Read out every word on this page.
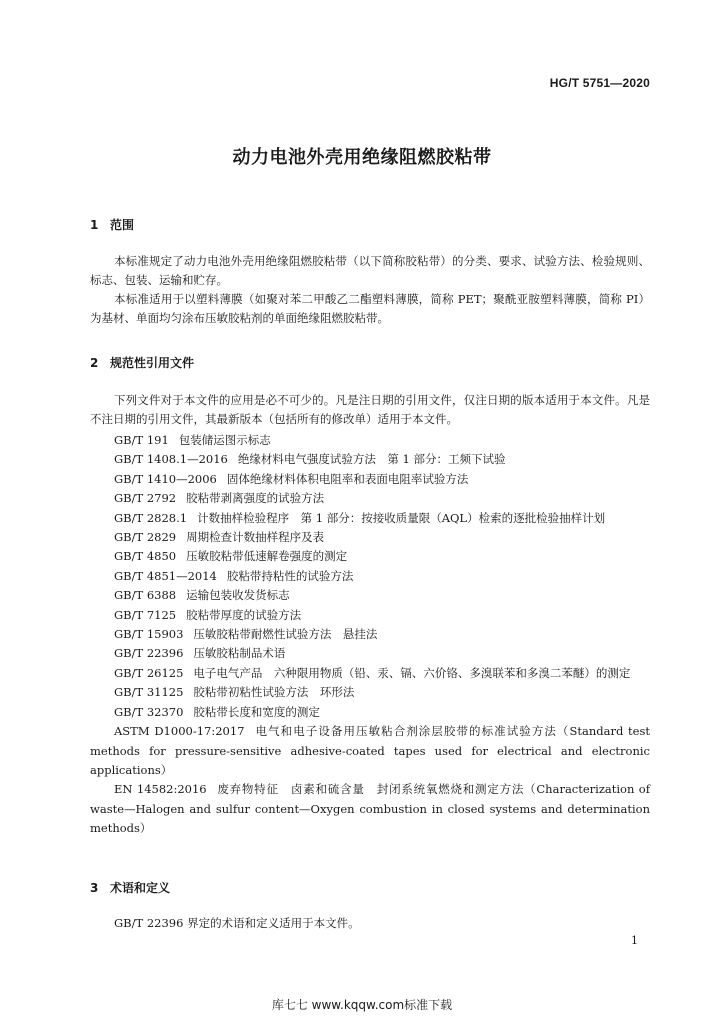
HG/T 5751—2020
动力电池外壳用绝缘阻燃胶粘带
1 范围
本标准规定了动力电池外壳用绝缘阻燃胶粘带（以下简称胶粘带）的分类、要求、试验方法、检验规则、标志、包装、运输和贮存。
本标准适用于以塑料薄膜（如聚对苯二甲酸乙二酯塑料薄膜，简称 PET；聚酰亚胺塑料薄膜，简称 PI）为基材、单面均匀涂布压敏胶粘剂的单面绝缘阻燃胶粘带。
2 规范性引用文件
下列文件对于本文件的应用是必不可少的。凡是注日期的引用文件，仅注日期的版本适用于本文件。凡是不注日期的引用文件，其最新版本（包括所有的修改单）适用于本文件。
GB/T 191 包装储运图示标志
GB/T 1408.1—2016 绝缘材料电气强度试验方法　第 1 部分：工频下试验
GB/T 1410—2006 固体绝缘材料体积电阻率和表面电阻率试验方法
GB/T 2792 胶粘带剥离强度的试验方法
GB/T 2828.1 计数抽样检验程序　第 1 部分：按接收质量限（AQL）检索的逐批检验抽样计划
GB/T 2829 周期检查计数抽样程序及表
GB/T 4850 压敏胶粘带低速解卷强度的测定
GB/T 4851—2014 胶粘带持粘性的试验方法
GB/T 6388 运输包装收发货标志
GB/T 7125 胶粘带厚度的试验方法
GB/T 15903 压敏胶粘带耐燃性试验方法　悬挂法
GB/T 22396 压敏胶粘制品术语
GB/T 26125 电子电气产品　六种限用物质（铅、汞、镉、六价铬、多溴联苯和多溴二苯醚）的测定
GB/T 31125 胶粘带初粘性试验方法　环形法
GB/T 32370 胶粘带长度和宽度的测定
ASTM D1000-17:2017 电气和电子设备用压敏粘合剂涂层胶带的标准试验方法（Standard test methods for pressure-sensitive adhesive-coated tapes used for electrical and electronic applications）
EN 14582:2016 废弃物特征　卤素和硫含量　封闭系统氧燃烧和测定方法（Characterization of waste—Halogen and sulfur content—Oxygen combustion in closed systems and determination methods）
3 术语和定义
GB/T 22396 界定的术语和定义适用于本文件。
1
库七七 www.kqqw.com标准下载
